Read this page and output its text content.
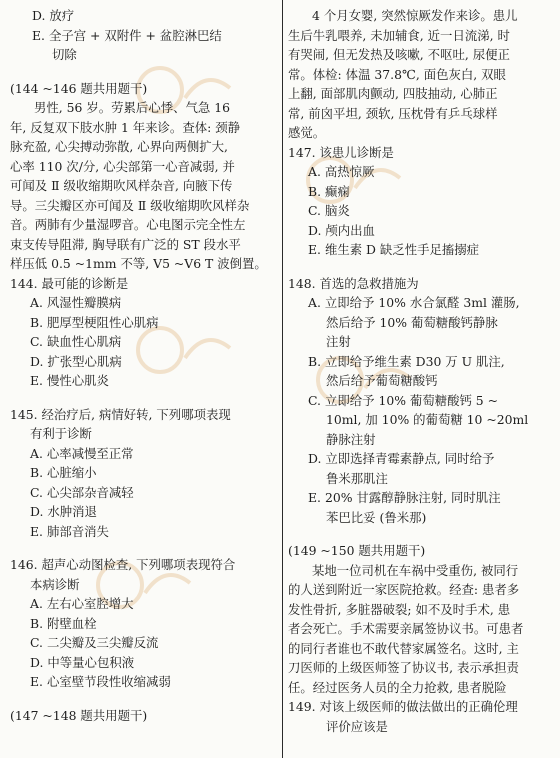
D. 放疗
E. 全子宫 + 双附件 + 盆腔淋巴结
切除
(144 ~146 题共用题干)
男性, 56 岁。劳累后心悸、气急 16
年, 反复双下肢水肿 1 年来诊。查体: 颈静
脉充盈, 心尖搏动弥散, 心界向两侧扩大,
心率 110 次/分, 心尖部第一心音减弱, 并
可闻及 Ⅱ 级收缩期吹风样杂音, 向腋下传
导。三尖瓣区亦可闻及 Ⅱ 级收缩期吹风样杂
音。两肺有少量湿啰音。心电图示完全性左
束支传导阻滞, 胸导联有广泛的 ST 段水平
样压低 0.5 ~1mm 不等, V5 ~V6 T 波倒置。
144. 最可能的诊断是
A. 风湿性瓣膜病
B. 肥厚型梗阻性心肌病
C. 缺血性心肌病
D. 扩张型心肌病
E. 慢性心肌炎
145. 经治疗后, 病情好转, 下列哪项表现
有利于诊断
A. 心率减慢至正常
B. 心脏缩小
C. 心尖部杂音减轻
D. 水肿消退
E. 肺部音消失
146. 超声心动图检查, 下列哪项表现符合
本病诊断
A. 左右心室腔增大
B. 附壁血栓
C. 二尖瓣及三尖瓣反流
D. 中等量心包积液
E. 心室壁节段性收缩减弱
(147 ~148 题共用题干)
4 个月女婴, 突然惊厥发作来诊。患儿
生后牛乳喂养, 未加辅食, 近一日流涕, 时
有哭闹, 但无发热及咳嗽, 不呕吐, 尿便正
常。体检: 体温 37.8℃, 面色灰白, 双眼
上翻, 面部肌肉颤动, 四肢抽动, 心肺正
常, 前囟平坦, 颈软, 压枕骨有乒乓球样
感觉。
147. 该患儿诊断是
A. 高热惊厥
B. 癫痫
C. 脑炎
D. 颅内出血
E. 维生素 D 缺乏性手足搐搦症
148. 首选的急救措施为
A. 立即给予 10% 水合氯醛 3ml 灌肠,
然后给予 10% 葡萄糖酸钙静脉
注射
B. 立即给予维生素 D30 万 U 肌注,
然后给予葡萄糖酸钙
C. 立即给予 10% 葡萄糖酸钙 5 ~
10ml, 加 10% 的葡萄糖 10 ~20ml
静脉注射
D. 立即选择青霉素静点, 同时给予
鲁米那肌注
E. 20% 甘露醇静脉注射, 同时肌注
苯巴比妥 (鲁米那)
(149 ~150 题共用题干)
某地一位司机在车祸中受重伤, 被同行
的人送到附近一家医院抢救。经查: 患者多
发性骨折, 多脏器破裂; 如不及时手术, 患
者会死亡。手术需要亲属签协议书。可患者
的同行者谁也不敢代替家属签名。这时, 主
刀医师的上级医师签了协议书, 表示承担责
任。经过医务人员的全力抢救, 患者脱险
149. 对该上级医师的做法做出的正确伦理
评价应该是
